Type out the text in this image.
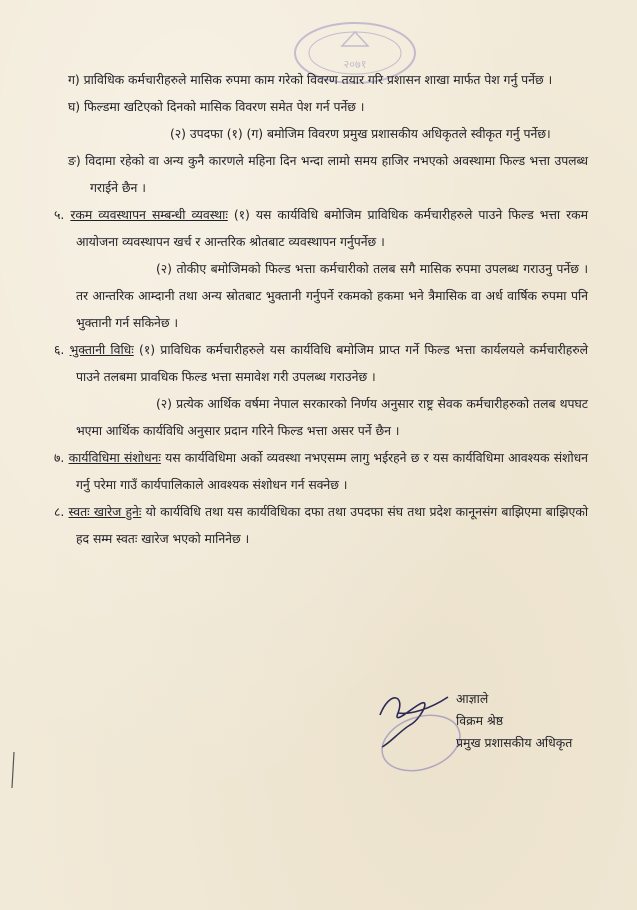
२०७१

ग) प्राविधिक कर्मचारीहरुले मासिक रुपमा काम गरेको विवरण तयार गरि प्रशासन शाखा मार्फत पेश गर्नु पर्नेछ ।

घ) फिल्डमा खटिएको दिनको मासिक विवरण समेत पेश गर्न पर्नेछ ।

(२) उपदफा (१) (ग) बमोजिम विवरण प्रमुख प्रशासकीय अधिकृतले स्वीकृत गर्नु पर्नेछ।

ङ) विदामा रहेको वा अन्य कुनै कारणले महिना दिन भन्दा लामो समय हाजिर नभएको अवस्थामा फिल्ड भत्ता उपलब्ध गराईने छैन ।

५. रकम व्यवस्थापन सम्बन्धी व्यवस्थाः (१) यस कार्यविधि बमोजिम प्राविधिक कर्मचारीहरुले पाउने फिल्ड भत्ता रकम आयोजना व्यवस्थापन खर्च र आन्तरिक श्रोतबाट व्यवस्थापन गर्नुपर्नेछ ।

(२) तोकीए बमोजिमको फिल्ड भत्ता कर्मचारीको तलब सगै मासिक रुपमा उपलब्ध गराउनु पर्नेछ । तर आन्तरिक आम्दानी तथा अन्य स्रोतबाट भुक्तानी गर्नुपर्ने रकमको हकमा भने त्रैमासिक वा अर्ध वार्षिक रुपमा पनि भुक्तानी गर्न सकिनेछ ।

६. भुक्तानी विधिः (१) प्राविधिक कर्मचारीहरुले यस कार्यविधि बमोजिम प्राप्त गर्ने फिल्ड भत्ता कार्यलयले कर्मचारीहरुले पाउने तलबमा प्रावधिक फिल्ड भत्ता समावेश गरी उपलब्ध गराउनेछ ।

(२) प्रत्येक आर्थिक वर्षमा नेपाल सरकारको निर्णय अनुसार राष्ट्र सेवक कर्मचारीहरुको तलब थपघट भएमा आर्थिक कार्यविधि अनुसार प्रदान गरिने फिल्ड भत्ता असर पर्ने छैन ।

७. कार्यविधिमा संशोधनः यस कार्यविधिमा अर्को व्यवस्था नभएसम्म लागु भईरहने छ र यस कार्यविधिमा आवश्यक संशोधन गर्नु परेमा गाउँ कार्यपालिकाले आवश्यक संशोधन गर्न सक्नेछ ।

८. स्वतः खारेज हुनेः यो कार्यविधि तथा यस कार्यविधिका दफा तथा उपदफा संघ तथा प्रदेश कानूनसंग बाझिएमा बाझिएको हद सम्म स्वतः खारेज भएको मानिनेछ ।

आज्ञाले
विक्रम श्रेष्ठ
प्रमुख प्रशासकीय अधिकृत
